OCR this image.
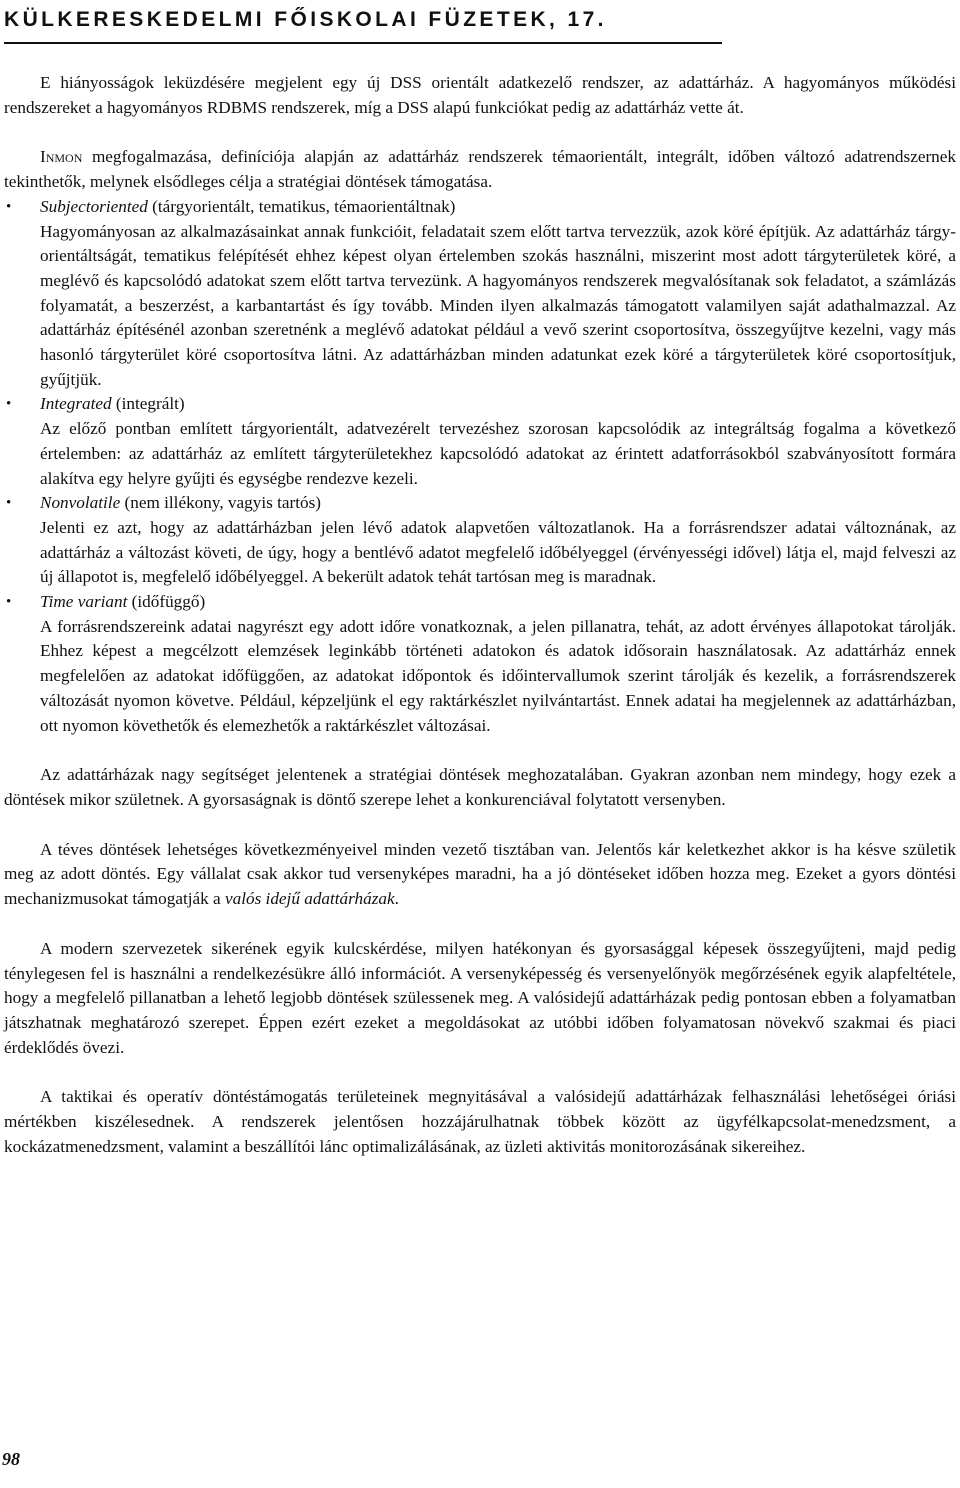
KÜLKERESKEDELMI FŐISKOLAI FÜZETEK, 17.

E hiányosságok leküzdésére megjelent egy új DSS orientált adatkezelő rendszer, az adattárház. A hagyományos működési rendszereket a hagyományos RDBMS rendszerek, míg a DSS alapú funkciókat pedig az adattárház vette át.

Inmon megfogalmazása, definíciója alapján az adattárház rendszerek témaorientált, integrált, időben változó adatrendszernek tekinthetők, melynek elsődleges célja a stratégiai döntések támogatása.

• Subjectoriented (tárgyorientált, tematikus, témaorientáltnak)
Hagyományosan az alkalmazásainkat annak funkcióit, feladatait szem előtt tartva tervezzük, azok köré építjük. Az adattárház tárgy-orientáltságát, tematikus felépítését ehhez képest olyan értelemben szokás használni, miszerint most adott tárgyterületek köré, a meglévő és kapcsolódó adatokat szem előtt tartva tervezünk. A hagyományos rendszerek megvalósítanak sok feladatot, a számlázás folyamatát, a beszerzést, a karbantartást és így tovább. Minden ilyen alkalmazás támogatott valamilyen saját adathalmazzal. Az adattárház építésénél azonban szeretnénk a meglévő adatokat például a vevő szerint csoportosítva, összegyűjtve kezelni, vagy más hasonló tárgyterület köré csoportosítva látni. Az adattárházban minden adatunkat ezek köré a tárgyterületek köré csoportosítjuk, gyűjtjük.
• Integrated (integrált)
Az előző pontban említett tárgyorientált, adatvezérelt tervezéshez szorosan kapcsolódik az integráltság fogalma a következő értelemben: az adattárház az említett tárgyterületekhez kapcsolódó adatokat az érintett adatforrásokból szabványosított formára alakítva egy helyre gyűjti és egységbe rendezve kezeli.
• Nonvolatile (nem illékony, vagyis tartós)
Jelenti ez azt, hogy az adattárházban jelen lévő adatok alapvetően változatlanok. Ha a forrásrendszer adatai változnának, az adattárház a változást követi, de úgy, hogy a bentlévő adatot megfelelő időbélyeggel (érvényességi idővel) látja el, majd felveszi az új állapotot is, megfelelő időbélyeggel. A bekerült adatok tehát tartósan meg is maradnak.
• Time variant (időfüggő)
A forrásrendszereink adatai nagyrészt egy adott időre vonatkoznak, a jelen pillanatra, tehát, az adott érvényes állapotokat tárolják. Ehhez képest a megcélzott elemzések leginkább történeti adatokon és adatok idősorain használatosak. Az adattárház ennek megfelelően az adatokat időfüggően, az adatokat időpontok és időintervallumok szerint tárolják és kezelik, a forrásrendszerek változását nyomon követve. Például, képzeljünk el egy raktárkészlet nyilvántartást. Ennek adatai ha megjelennek az adattárházban, ott nyomon követhetők és elemezhetők a raktárkészlet változásai.

Az adattárházak nagy segítséget jelentenek a stratégiai döntések meghozatalában. Gyakran azonban nem mindegy, hogy ezek a döntések mikor születnek. A gyorsaságnak is döntő szerepe lehet a konkurenciával folytatott versenyben.

A téves döntések lehetséges következményeivel minden vezető tisztában van. Jelentős kár keletkezhet akkor is ha késve születik meg az adott döntés. Egy vállalat csak akkor tud versenyképes maradni, ha a jó döntéseket időben hozza meg. Ezeket a gyors döntési mechanizmusokat támogatják a valós idejű adattárházak.

A modern szervezetek sikerének egyik kulcskérdése, milyen hatékonyan és gyorsasággal képesek összegyűjteni, majd pedig ténylegesen fel is használni a rendelkezésükre álló információt. A versenyképesség és versenyelőnyök megőrzésének egyik alapfeltétele, hogy a megfelelő pillanatban a lehető legjobb döntések szülessenek meg. A valósidejű adattárházak pedig pontosan ebben a folyamatban játszhatnak meghatározó szerepet. Éppen ezért ezeket a megoldásokat az utóbbi időben folyamatosan növekvő szakmai és piaci érdeklődés övezi.

A taktikai és operatív döntéstámogatás területeinek megnyitásával a valósidejű adattárházak felhasználási lehetőségei óriási mértékben kiszélesednek. A rendszerek jelentősen hozzájárulhatnak többek között az ügyfélkapcsolat-menedzsment, a kockázatmenedzsment, valamint a beszállítói lánc optimalizálásának, az üzleti aktivitás monitorozásának sikereihez.

98
